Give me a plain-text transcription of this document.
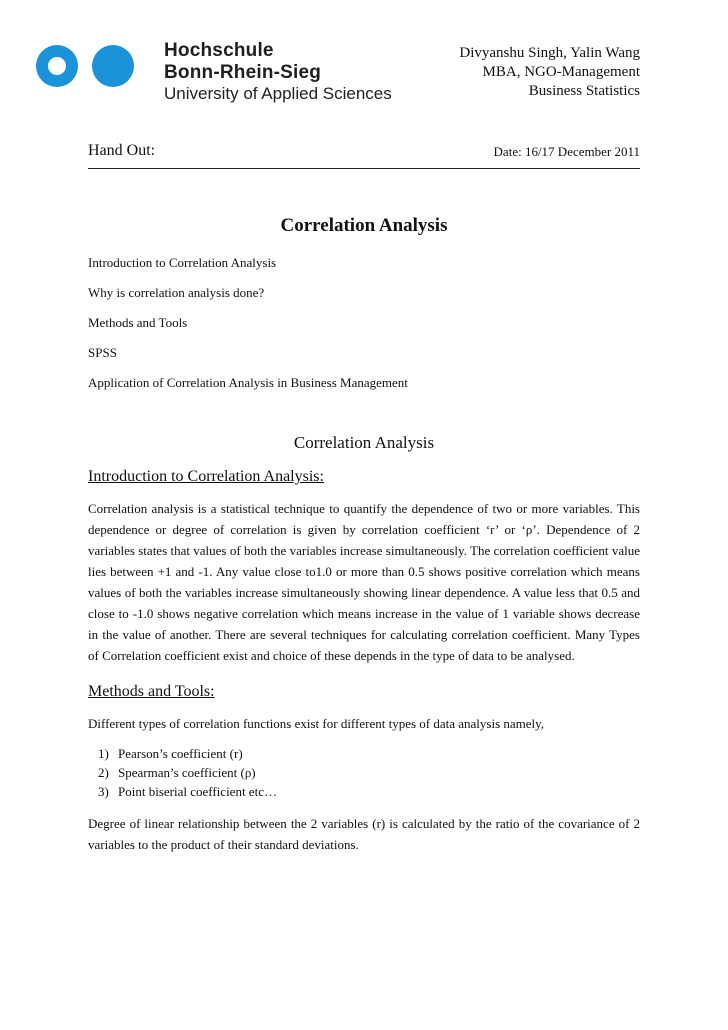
Hochschule
Bonn-Rhein-Sieg
University of Applied Sciences
Divyanshu Singh, Yalin Wang
MBA, NGO-Management
Business Statistics
Hand Out:	Date: 16/17 December 2011
Correlation Analysis
Introduction to Correlation Analysis
Why is correlation analysis done?
Methods and Tools
SPSS
Application of Correlation Analysis in Business Management
Correlation Analysis
Introduction to Correlation Analysis:
Correlation analysis is a statistical technique to quantify the dependence of two or more variables. This dependence or degree of correlation is given by correlation coefficient ‘r’ or ‘ρ’. Dependence of 2 variables states that values of both the variables increase simultaneously. The correlation coefficient value lies between +1 and -1. Any value close to1.0 or more than 0.5 shows positive correlation which means values of both the variables increase simultaneously showing linear dependence. A value less that 0.5 and close to -1.0 shows negative correlation which means increase in the value of 1 variable shows decrease in the value of another. There are several techniques for calculating correlation coefficient. Many Types of Correlation coefficient exist and choice of these depends in the type of data to be analysed.
Methods and Tools:
Different types of correlation functions exist for different types of data analysis namely,
1) Pearson’s coefficient (r)
2) Spearman’s coefficient (ρ)
3) Point biserial coefficient etc…
Degree of linear relationship between the 2 variables (r) is calculated by the ratio of the covariance of 2 variables to the product of their standard deviations.
